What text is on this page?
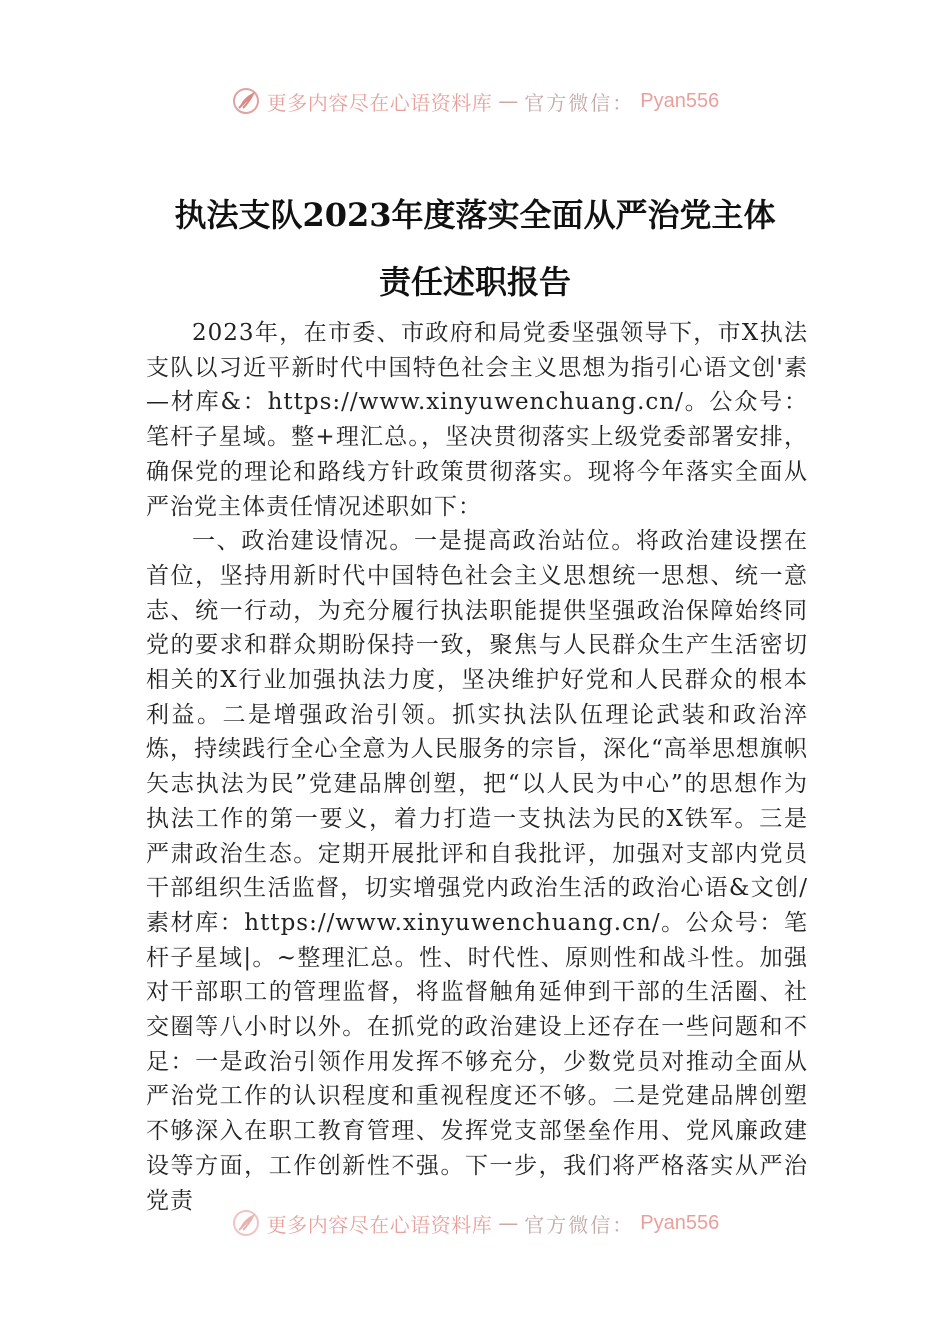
更多内容尽在心语资料库 — 官方微信： Pyan556
执法支队2023年度落实全面从严治党主体
责任述职报告

2023年，在市委、市政府和局党委坚强领导下，市X执法支队以习近平新时代中国特色社会主义思想为指引心语文创'素—材库&：https://www.xinyuwenchuang.cn/。公众号：笔杆子星域。整+理汇总。，坚决贯彻落实上级党委部署安排，确保党的理论和路线方针政策贯彻落实。现将今年落实全面从严治党主体责任情况述职如下：

一、政治建设情况。一是提高政治站位。将政治建设摆在首位，坚持用新时代中国特色社会主义思想统一思想、统一意志、统一行动，为充分履行执法职能提供坚强政治保障始终同党的要求和群众期盼保持一致，聚焦与人民群众生产生活密切相关的X行业加强执法力度，坚决维护好党和人民群众的根本利益。二是增强政治引领。抓实执法队伍理论武装和政治淬炼，持续践行全心全意为人民服务的宗旨，深化“高举思想旗帜矢志执法为民”党建品牌创塑，把“以人民为中心”的思想作为执法工作的第一要义，着力打造一支执法为民的X铁军。三是严肃政治生态。定期开展批评和自我批评，加强对支部内党员干部组织生活监督，切实增强党内政治生活的政治心语&文创/素材库：https://www.xinyuwenchuang.cn/。公众号：笔杆子星域|。~整理汇总。性、时代性、原则性和战斗性。加强对干部职工的管理监督，将监督触角延伸到干部的生活圈、社交圈等八小时以外。在抓党的政治建设上还存在一些问题和不足：一是政治引领作用发挥不够充分，少数党员对推动全面从严治党工作的认识程度和重视程度还不够。二是党建品牌创塑不够深入在职工教育管理、发挥党支部堡垒作用、党风廉政建设等方面，工作创新性不强。下一步，我们将严格落实从严治党责

更多内容尽在心语资料库 — 官方微信： Pyan556
